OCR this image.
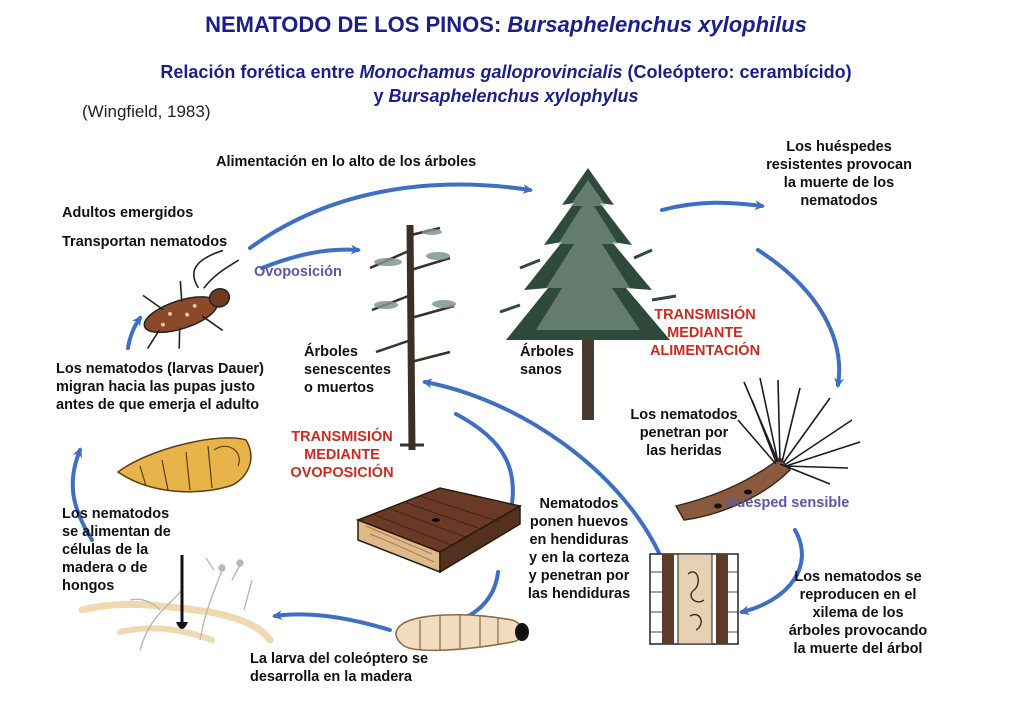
NEMATODO DE LOS PINOS: Bursaphelenchus xylophilus
Relación forética entre Monochamus galloprovincialis (Coleóptero: cerambícido)
y Bursaphelenchus xylophylus
(Wingfield, 1983)
Alimentación en lo alto de los árboles
Adultos emergidos
Transportan nematodos
Ovoposición
Los huéspedes
resistentes provocan
la muerte de los
nematodos
TRANSMISIÓN
MEDIANTE
ALIMENTACIÓN
Árboles
sanos
Árboles
senescentes
o muertos
Los nematodos (larvas Dauer)
migran hacia las pupas justo
antes de que emerja el adulto
TRANSMISIÓN
MEDIANTE
OVOPOSICIÓN
Los nematodos
penetran por
las heridas
Huésped sensible
Los nematodos
se alimentan de
células de la
madera o de
hongos
Nematodos
ponen huevos
en hendiduras
y en la corteza
y penetran por
las hendiduras
Los nematodos se
reproducen en el
xilema de los
árboles provocando
la muerte del árbol
La larva del coleóptero se
desarrolla en la madera
